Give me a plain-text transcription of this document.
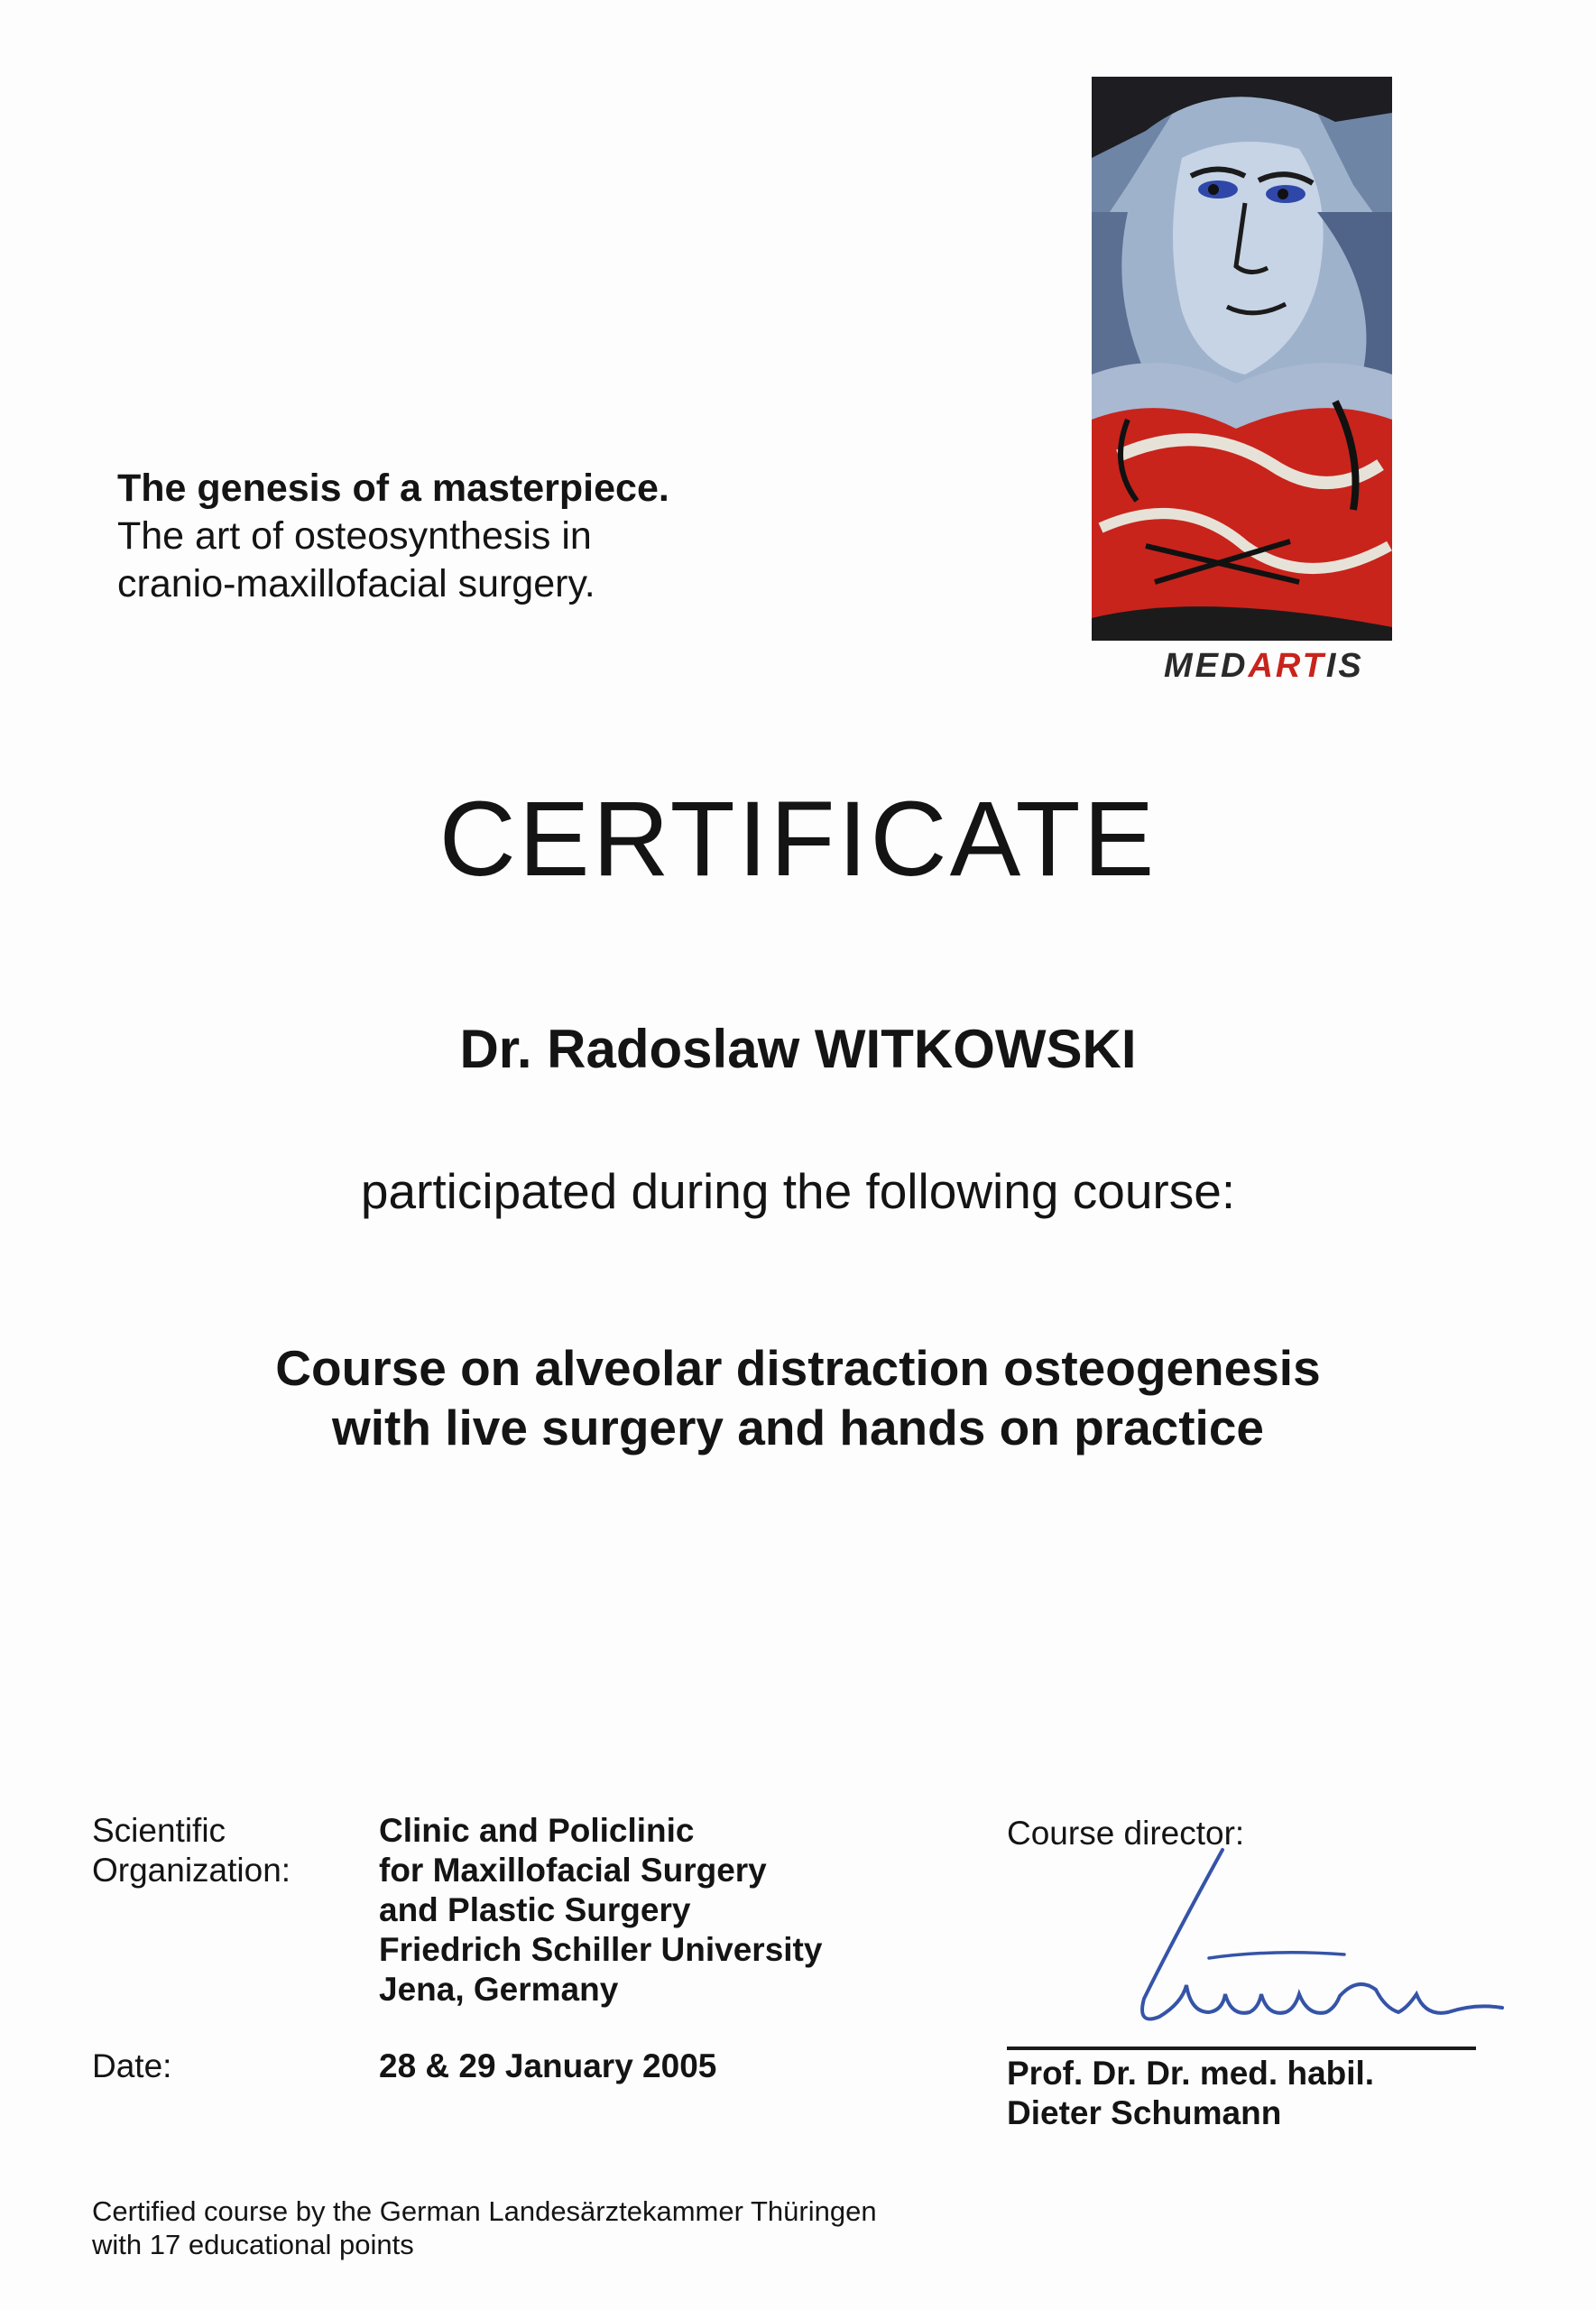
The genesis of a masterpiece.
The art of osteosynthesis in
cranio-maxillofacial surgery.
MEDARTIS
CERTIFICATE
Dr. Radoslaw WITKOWSKI
participated during the following course:
Course on alveolar distraction osteogenesis
with live surgery and hands on practice
Scientific
Organization:
Clinic and Policlinic
for Maxillofacial Surgery
and Plastic Surgery
Friedrich Schiller University
Jena, Germany
Date:	28 & 29 January 2005
Course director:
Prof. Dr. Dr. med. habil.
Dieter Schumann
Certified course by the German Landesärztekammer Thüringen
with 17 educational points
